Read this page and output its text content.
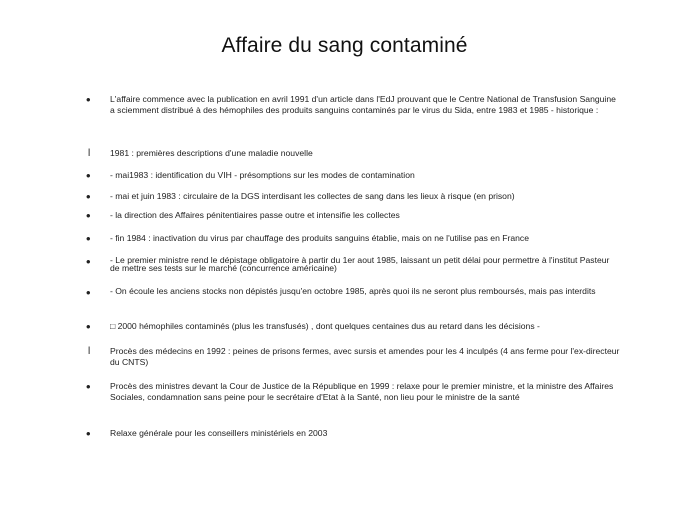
Affaire du sang contaminé
• L'affaire commence avec la publication en avril 1991 d'un article dans l'EdJ prouvant que le Centre National de Transfusion Sanguine a sciemment distribué à des hémophiles des produits sanguins contaminés par le virus du Sida, entre 1983 et 1985 - historique :
l 1981 : premières descriptions d'une maladie nouvelle
• - mai1983 : identification du VIH - présomptions sur les modes de contamination
• - mai et juin 1983 : circulaire de la DGS interdisant les collectes de sang dans les lieux à risque (en prison)
• - la direction des Affaires pénitentiaires passe outre et intensifie les collectes
• - fin 1984 : inactivation du virus par chauffage des produits sanguins établie, mais on ne l'utilise pas en France
• - Le premier ministre rend le dépistage obligatoire à partir du 1er aout 1985, laissant un petit délai pour permettre à l'institut Pasteur de mettre ses tests sur le marché (concurrence américaine)
• - On écoule les anciens stocks non dépistés jusqu'en octobre 1985, après quoi ils ne seront plus remboursés, mais pas interdits
• □ 2000 hémophiles contaminés (plus les transfusés) , dont quelques centaines dus au retard dans les décisions -
l Procès des médecins en 1992 : peines de prisons fermes, avec sursis et amendes pour les 4 inculpés (4 ans ferme pour l'ex-directeur du CNTS)
• Procès des ministres devant la Cour de Justice de la République en 1999 : relaxe pour le premier ministre, et la ministre des Affaires Sociales, condamnation sans peine pour le secrétaire d'Etat à la Santé, non lieu pour le ministre de la santé
• Relaxe générale pour les conseillers ministériels en 2003
